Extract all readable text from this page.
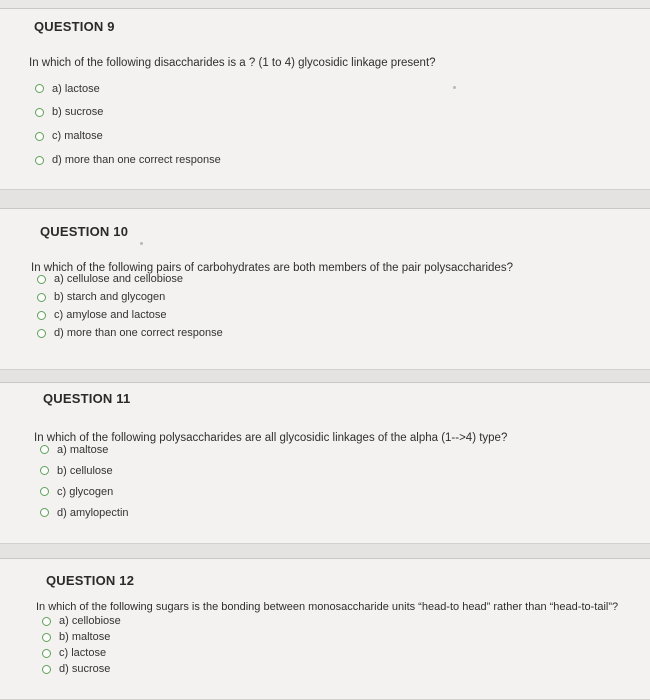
QUESTION 9
In which of the following disaccharides is a ? (1 to 4) glycosidic linkage present?
a) lactose
b) sucrose
c) maltose
d) more than one correct response
QUESTION 10
In which of the following pairs of carbohydrates are both members of the pair polysaccharides?
a) cellulose and cellobiose
b) starch and glycogen
c) amylose and lactose
d) more than one correct response
QUESTION 11
In which of the following polysaccharides are all glycosidic linkages of the alpha (1-->4) type?
a) maltose
b) cellulose
c) glycogen
d) amylopectin
QUESTION 12
In which of the following sugars is the bonding between monosaccharide units “head-to head” rather than “head-to-tail”?
a) cellobiose
b) maltose
c) lactose
d) sucrose
